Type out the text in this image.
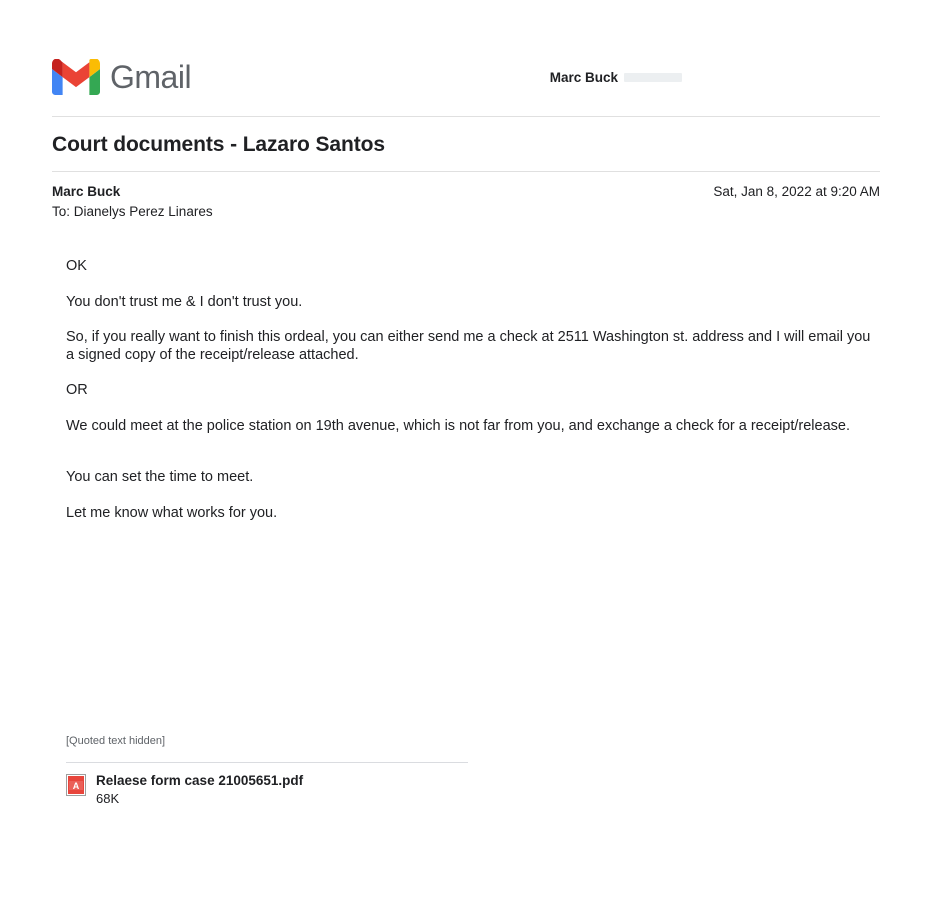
Gmail	Marc Buck
Court documents - Lazaro Santos
Marc Buck
To: Dianelys Perez Linares
Sat, Jan 8, 2022 at 9:20 AM

OK

You don't trust me & I don't trust you.

So, if you really want to finish this ordeal, you can either send me a check at 2511 Washington st. address and I will email you a signed copy of the receipt/release attached.

OR

We could meet at the police station on 19th avenue, which is not far from you, and exchange a check for a receipt/release.

You can set the time to meet.

Let me know what works for you.

[Quoted text hidden]
A Relaese form case 21005651.pdf
68K
